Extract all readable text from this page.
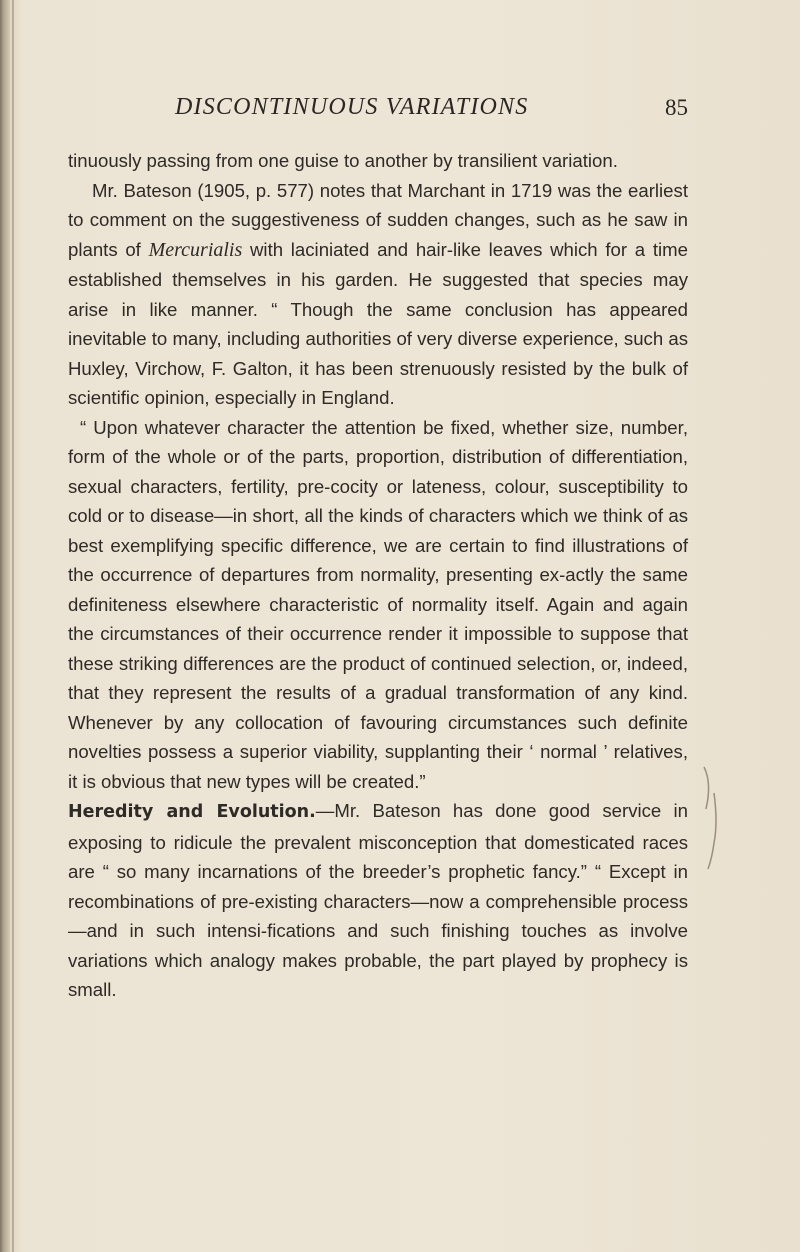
DISCONTINUOUS VARIATIONS	85

tinuously passing from one guise to another by transilient variation.

Mr. Bateson (1905, p. 577) notes that Marchant in 1719 was the earliest to comment on the suggestiveness of sudden changes, such as he saw in plants of Mercurialis with laciniated and hair-like leaves which for a time established themselves in his garden. He suggested that species may arise in like manner. “ Though the same conclusion has appeared inevitable to many, including authorities of very diverse experience, such as Huxley, Virchow, F. Galton, it has been strenuously resisted by the bulk of scientific opinion, especially in England.

“ Upon whatever character the attention be fixed, whether size, number, form of the whole or of the parts, proportion, distribution of differentiation, sexual characters, fertility, pre-cocity or lateness, colour, susceptibility to cold or to disease—in short, all the kinds of characters which we think of as best exemplifying specific difference, we are certain to find illustrations of the occurrence of departures from normality, presenting ex-actly the same definiteness elsewhere characteristic of normality itself. Again and again the circumstances of their occurrence render it impossible to suppose that these striking differences are the product of continued selection, or, indeed, that they represent the results of a gradual transformation of any kind. Whenever by any collocation of favouring circumstances such definite novelties possess a superior viability, supplanting their ‘ normal ’ relatives, it is obvious that new types will be created.”

Heredity and Evolution.—Mr. Bateson has done good service in exposing to ridicule the prevalent misconception that domesticated races are “ so many incarnations of the breeder’s prophetic fancy.” “ Except in recombinations of pre-existing characters—now a comprehensible process—and in such intensi-fications and such finishing touches as involve variations which analogy makes probable, the part played by prophecy is small.
